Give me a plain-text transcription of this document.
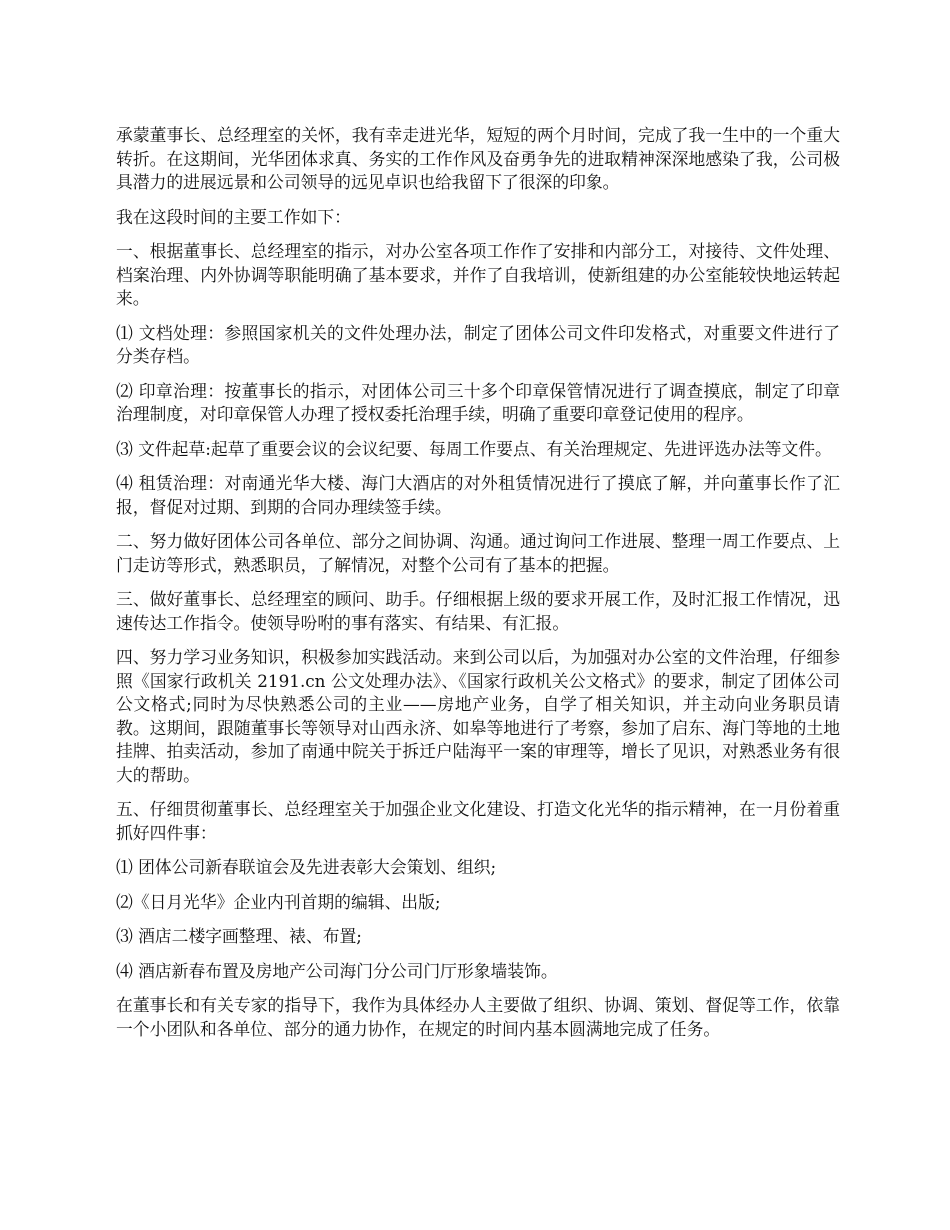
承蒙董事长、总经理室的关怀，我有幸走进光华，短短的两个月时间，完成了我一生中的一个重大转折。在这期间，光华团体求真、务实的工作作风及奋勇争先的进取精神深深地感染了我，公司极具潜力的进展远景和公司领导的远见卓识也给我留下了很深的印象。

我在这段时间的主要工作如下：

一、根据董事长、总经理室的指示，对办公室各项工作作了安排和内部分工，对接待、文件处理、档案治理、内外协调等职能明确了基本要求，并作了自我培训，使新组建的办公室能较快地运转起来。

⑴ 文档处理：参照国家机关的文件处理办法，制定了团体公司文件印发格式，对重要文件进行了分类存档。

⑵ 印章治理：按董事长的指示，对团体公司三十多个印章保管情况进行了调查摸底，制定了印章治理制度，对印章保管人办理了授权委托治理手续，明确了重要印章登记使用的程序。

⑶ 文件起草:起草了重要会议的会议纪要、每周工作要点、有关治理规定、先进评选办法等文件。

⑷ 租赁治理：对南通光华大楼、海门大酒店的对外租赁情况进行了摸底了解，并向董事长作了汇报，督促对过期、到期的合同办理续签手续。

二、努力做好团体公司各单位、部分之间协调、沟通。通过询问工作进展、整理一周工作要点、上门走访等形式，熟悉职员，了解情况，对整个公司有了基本的把握。

三、做好董事长、总经理室的顾问、助手。仔细根据上级的要求开展工作，及时汇报工作情况，迅速传达工作指令。使领导吩咐的事有落实、有结果、有汇报。

四、努力学习业务知识，积极参加实践活动。来到公司以后，为加强对办公室的文件治理，仔细参照《国家行政机关 2191.cn 公文处理办法》、《国家行政机关公文格式》的要求，制定了团体公司公文格式;同时为尽快熟悉公司的主业——房地产业务，自学了相关知识，并主动向业务职员请教。这期间，跟随董事长等领导对山西永济、如皋等地进行了考察，参加了启东、海门等地的土地挂牌、拍卖活动，参加了南通中院关于拆迁户陆海平一案的审理等，增长了见识，对熟悉业务有很大的帮助。

五、仔细贯彻董事长、总经理室关于加强企业文化建设、打造文化光华的指示精神，在一月份着重抓好四件事：

⑴ 团体公司新春联谊会及先进表彰大会策划、组织;

⑵《日月光华》企业内刊首期的编辑、出版;

⑶ 酒店二楼字画整理、裱、布置;

⑷ 酒店新春布置及房地产公司海门分公司门厅形象墙装饰。

在董事长和有关专家的指导下，我作为具体经办人主要做了组织、协调、策划、督促等工作，依靠一个小团队和各单位、部分的通力协作，在规定的时间内基本圆满地完成了任务。
